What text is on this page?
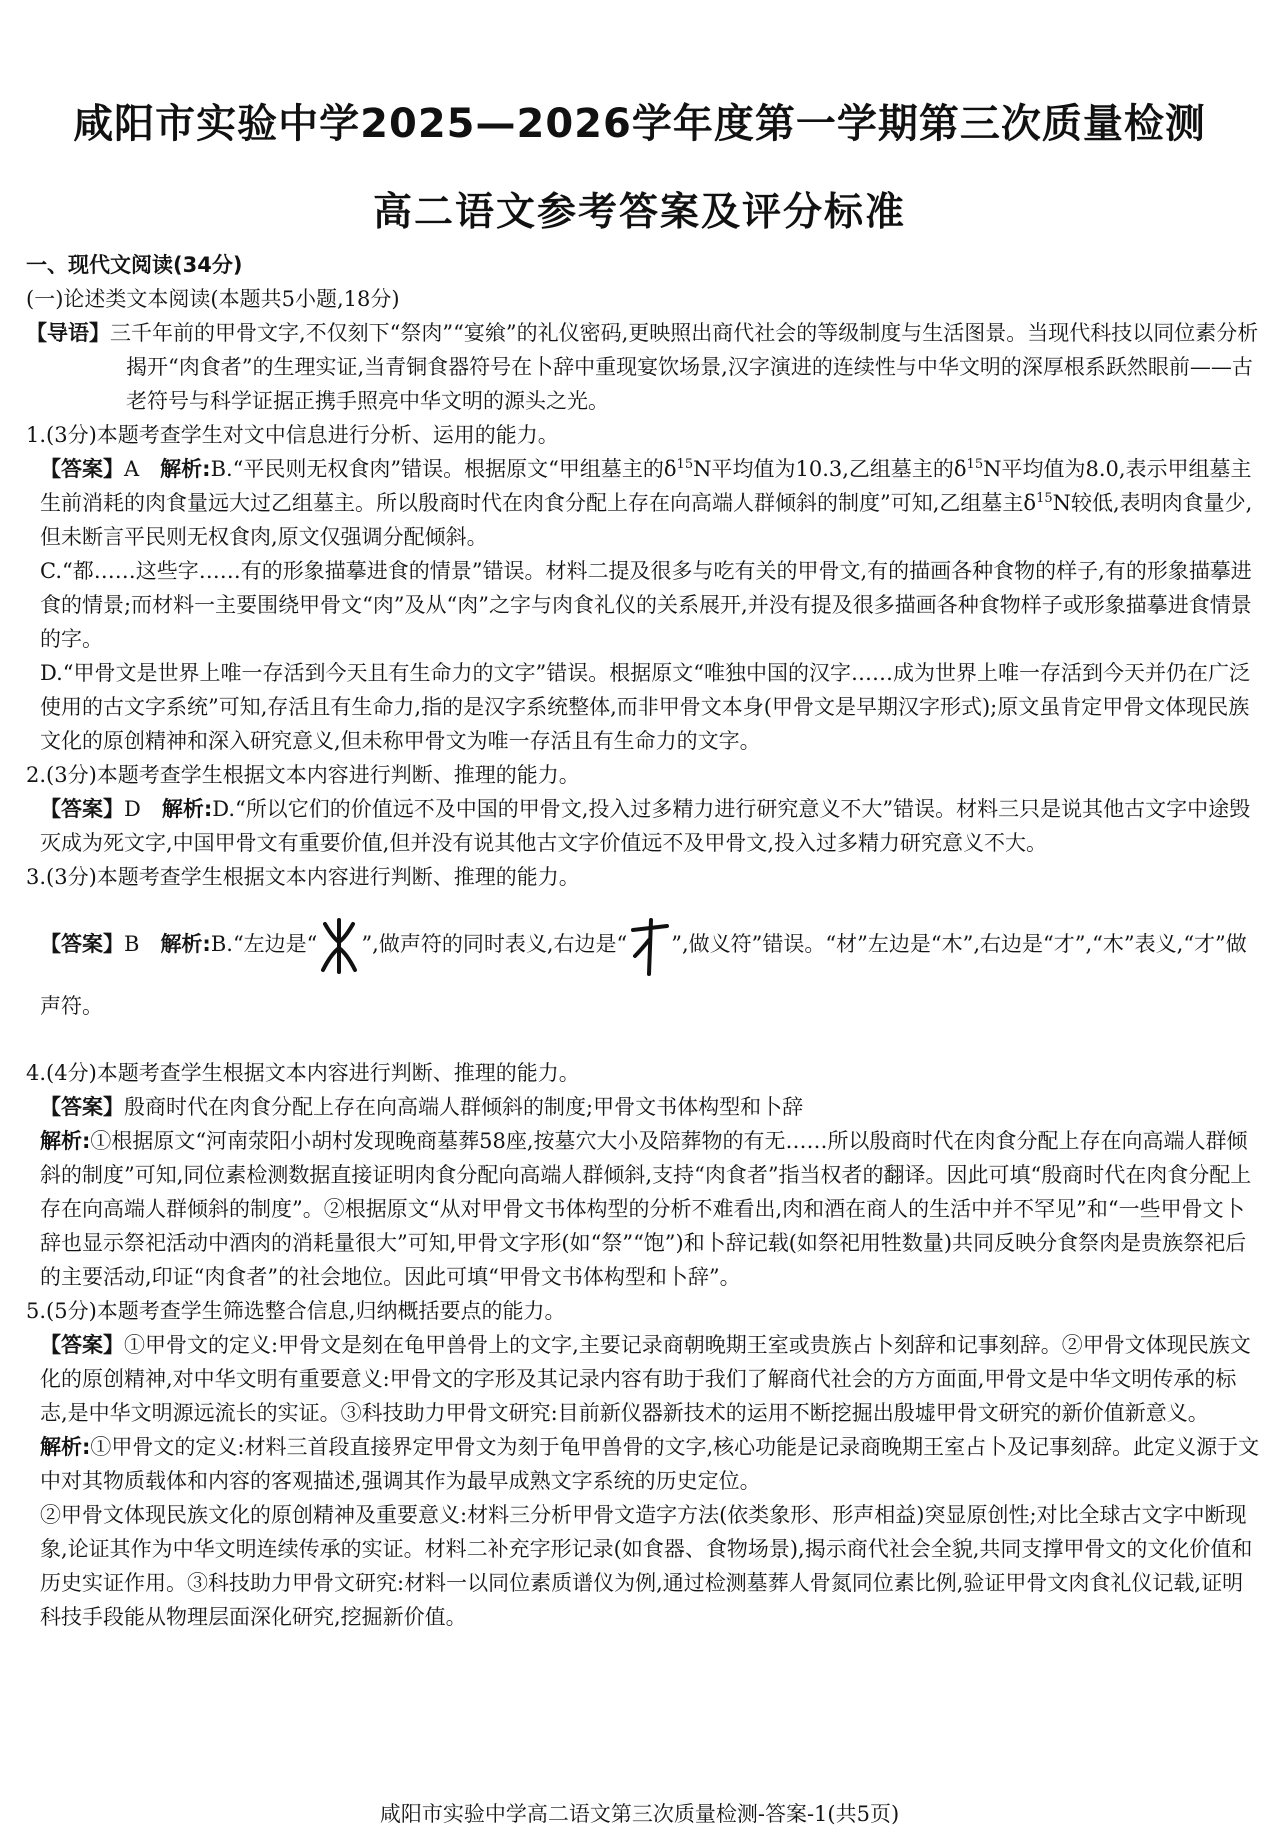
咸阳市实验中学2025—2026学年度第一学期第三次质量检测
高二语文参考答案及评分标准

一、现代文阅读(34分)

(一)论述类文本阅读(本题共5小题,18分)

【导语】三千年前的甲骨文字,不仅刻下“祭肉”“宴飨”的礼仪密码,更映照出商代社会的等级制度与生活图景。当现代科技以同位素分析揭开“肉食者”的生理实证,当青铜食器符号在卜辞中重现宴饮场景,汉字演进的连续性与中华文明的深厚根系跃然眼前——古老符号与科学证据正携手照亮中华文明的源头之光。

1.(3分)本题考查学生对文中信息进行分析、运用的能力。

【答案】A　 解析:B.“平民则无权食肉”错误。根据原文“甲组墓主的$\delta^{15}N$平均值为10.3,乙组墓主的$\delta^{15}N$平均值为8.0,表示甲组墓主生前消耗的肉食量远大过乙组墓主。所以殷商时代在肉食分配上存在向高端人群倾斜的制度”可知,乙组墓主$\delta^{15}N$较低,表明肉食量少,但未断言平民则无权食肉,原文仅强调分配倾斜。

C.“都……这些字……有的形象描摹进食的情景”错误。材料二提及很多与吃有关的甲骨文,有的描画各种食物的样子,有的形象描摹进食的情景;而材料一主要围绕甲骨文“肉”及从“肉”之字与肉食礼仪的关系展开,并没有提及很多描画各种食物样子或形象描摹进食情景的字。

D.“甲骨文是世界上唯一存活到今天且有生命力的文字”错误。根据原文“唯独中国的汉字……成为世界上唯一存活到今天并仍在广泛使用的古文字系统”可知,存活且有生命力,指的是汉字系统整体,而非甲骨文本身(甲骨文是早期汉字形式);原文虽肯定甲骨文体现民族文化的原创精神和深入研究意义,但未称甲骨文为唯一存活且有生命力的文字。

2.(3分)本题考查学生根据文本内容进行判断、推理的能力。

【答案】D　 解析:D.“所以它们的价值远不及中国的甲骨文,投入过多精力进行研究意义不大”错误。材料三只是说其他古文字中途毁灭成为死文字,中国甲骨文有重要价值,但并没有说其他古文字价值远不及甲骨文,投入过多精力研究意义不大。

3.(3分)本题考查学生根据文本内容进行判断、推理的能力。

【答案】B　 解析:B.“左边是“ ”,做声符的同时表义,右边是“ ”,做义符”错误。“材”左边是“木”,右边是“才”,“木”表义,“才”做声符。

4.(4分)本题考查学生根据文本内容进行判断、推理的能力。

【答案】殷商时代在肉食分配上存在向高端人群倾斜的制度;甲骨文书体构型和卜辞

解析:①根据原文“河南荥阳小胡村发现晚商墓葬58座,按墓穴大小及陪葬物的有无……所以殷商时代在肉食分配上存在向高端人群倾斜的制度”可知,同位素检测数据直接证明肉食分配向高端人群倾斜,支持“肉食者”指当权者的翻译。因此可填“殷商时代在肉食分配上存在向高端人群倾斜的制度”。②根据原文“从对甲骨文书体构型的分析不难看出,肉和酒在商人的生活中并不罕见”和“一些甲骨文卜辞也显示祭祀活动中酒肉的消耗量很大”可知,甲骨文字形(如“祭”“饱”)和卜辞记载(如祭祀用牲数量)共同反映分食祭肉是贵族祭祀后的主要活动,印证“肉食者”的社会地位。因此可填“甲骨文书体构型和卜辞”。

5.(5分)本题考查学生筛选整合信息,归纳概括要点的能力。

【答案】①甲骨文的定义:甲骨文是刻在龟甲兽骨上的文字,主要记录商朝晚期王室或贵族占卜刻辞和记事刻辞。②甲骨文体现民族文化的原创精神,对中华文明有重要意义:甲骨文的字形及其记录内容有助于我们了解商代社会的方方面面,甲骨文是中华文明传承的标志,是中华文明源远流长的实证。③科技助力甲骨文研究:目前新仪器新技术的运用不断挖掘出殷墟甲骨文研究的新价值新意义。

解析:①甲骨文的定义:材料三首段直接界定甲骨文为刻于龟甲兽骨的文字,核心功能是记录商晚期王室占卜及记事刻辞。此定义源于文中对其物质载体和内容的客观描述,强调其作为最早成熟文字系统的历史定位。

②甲骨文体现民族文化的原创精神及重要意义:材料三分析甲骨文造字方法(依类象形、形声相益)突显原创性;对比全球古文字中断现象,论证其作为中华文明连续传承的实证。材料二补充字形记录(如食器、食物场景),揭示商代社会全貌,共同支撑甲骨文的文化价值和历史实证作用。③科技助力甲骨文研究:材料一以同位素质谱仪为例,通过检测墓葬人骨氮同位素比例,验证甲骨文肉食礼仪记载,证明科技手段能从物理层面深化研究,挖掘新价值。

咸阳市实验中学高二语文第三次质量检测-答案-1(共5页)
